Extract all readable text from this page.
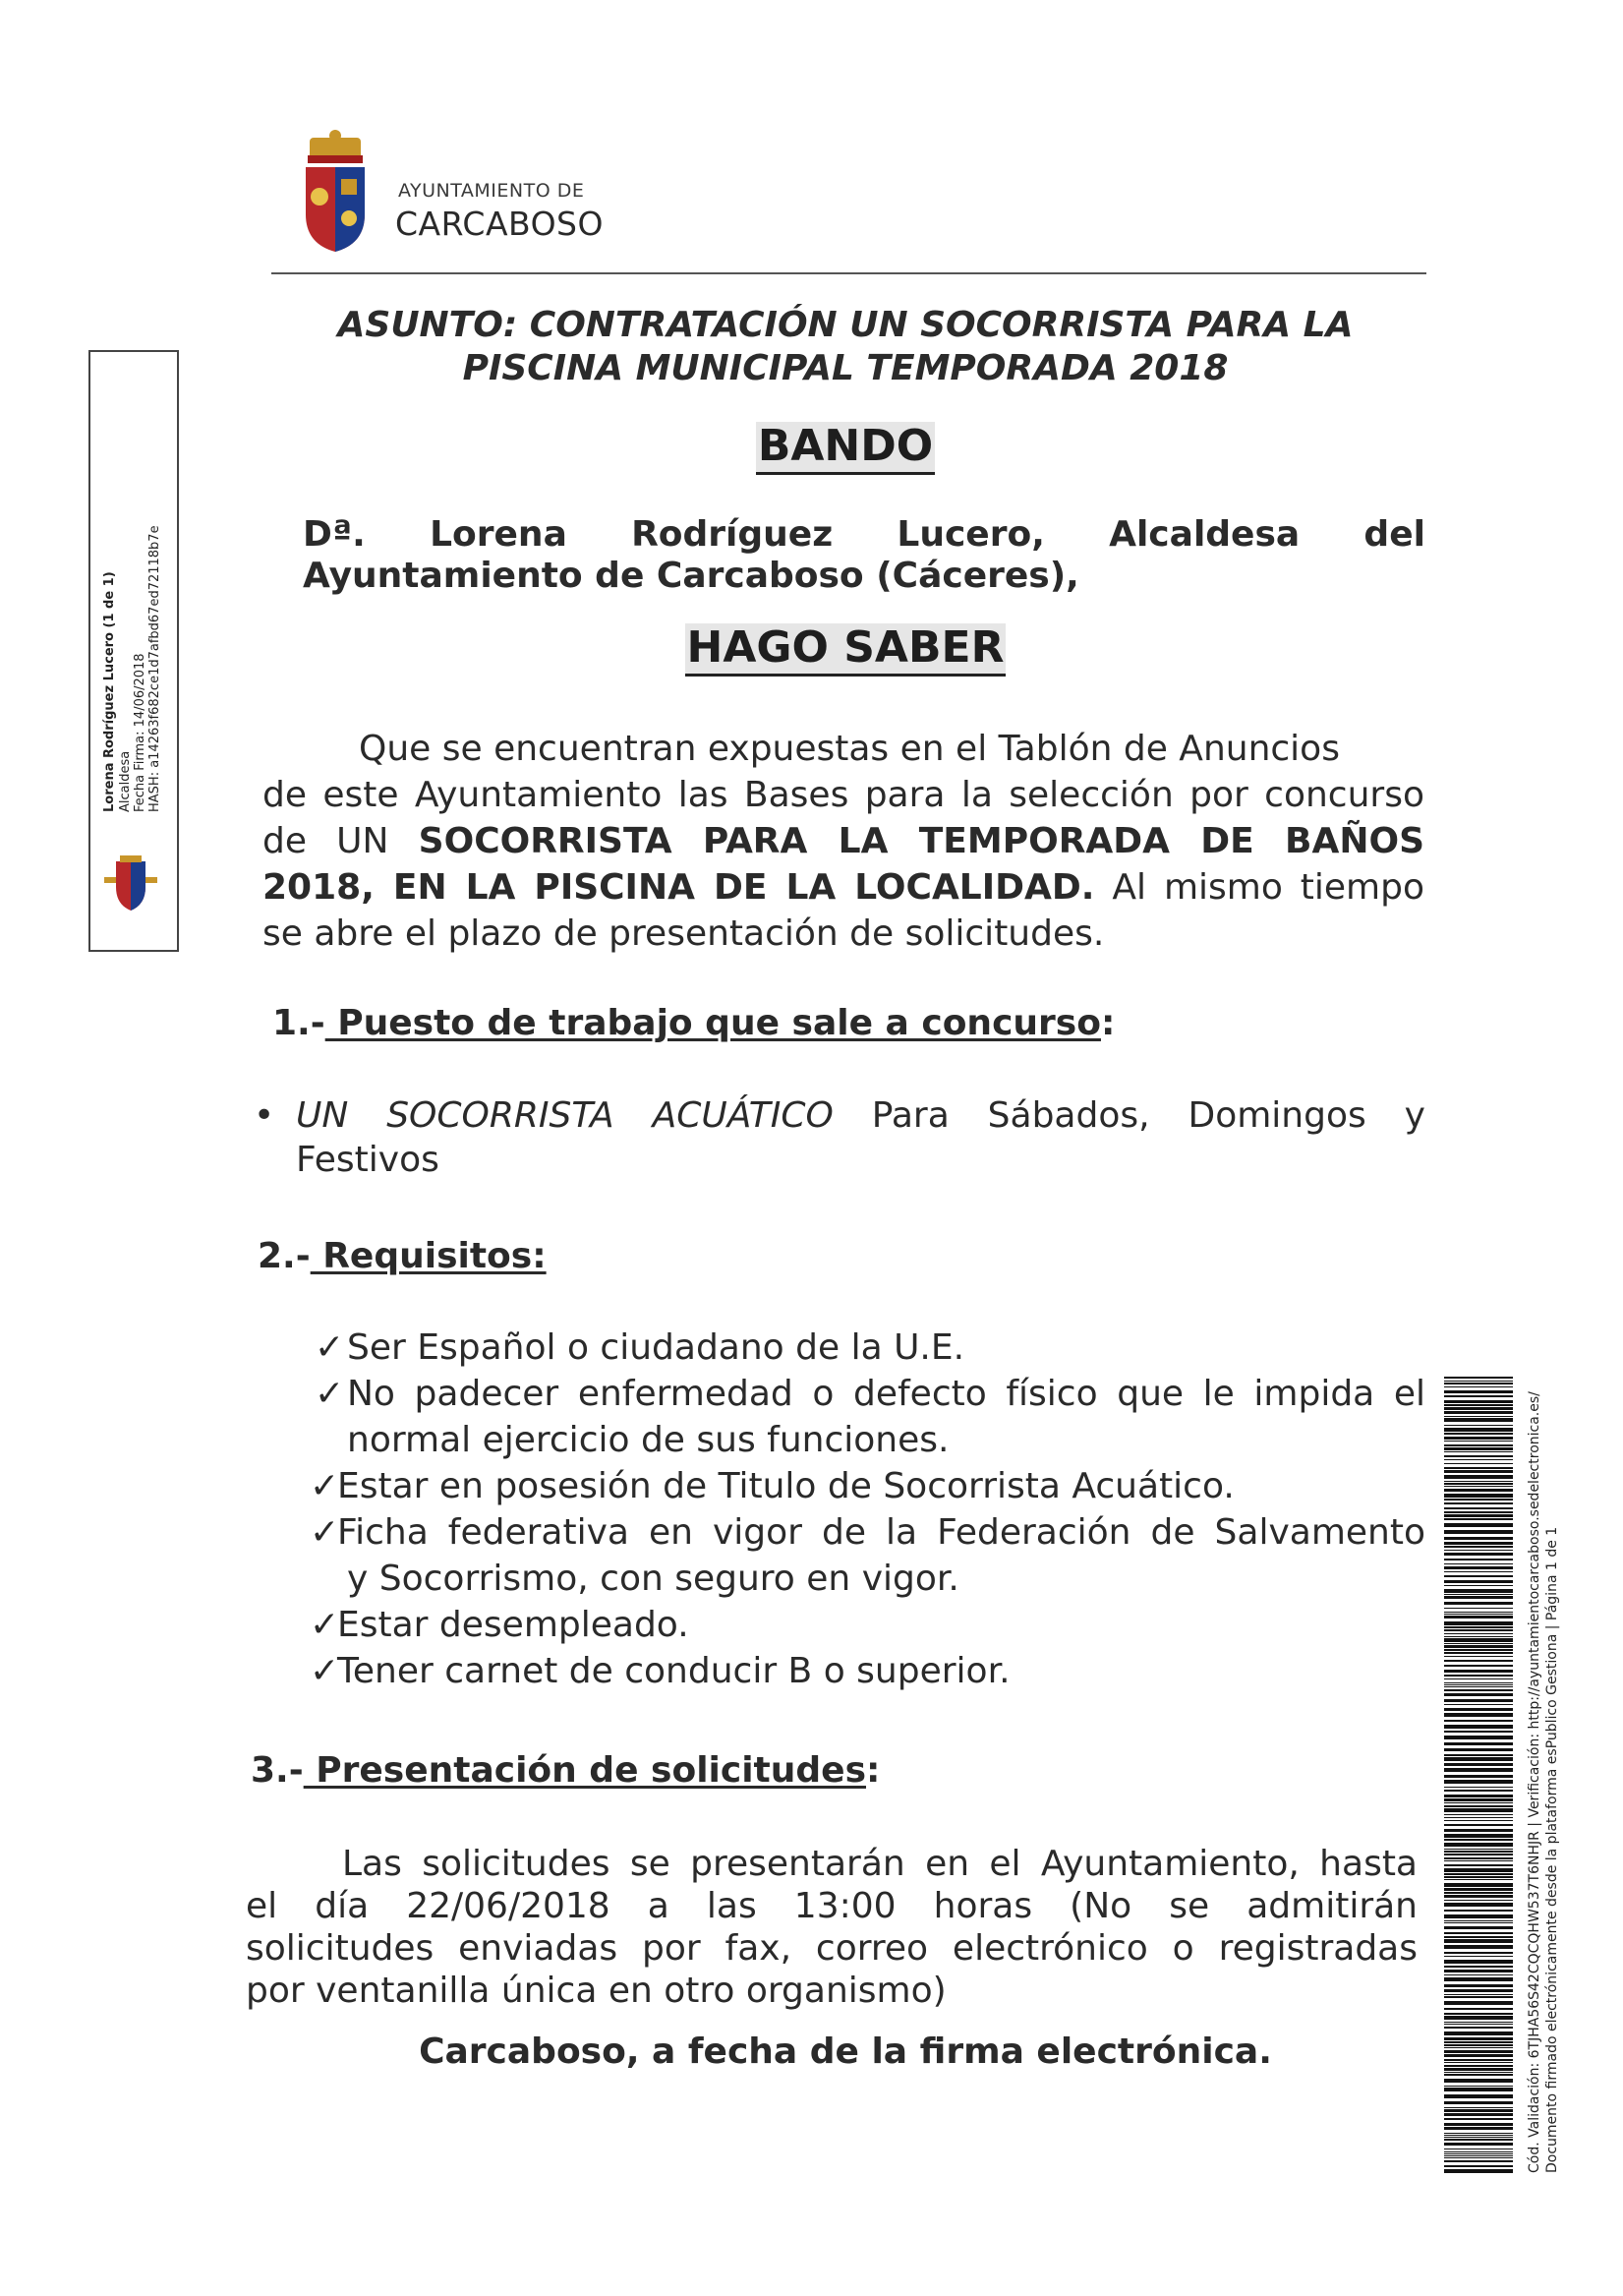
AYUNTAMIENTO DE
CARCABOSO
ASUNTO: CONTRATACIÓN UN SOCORRISTA PARA LA
PISCINA MUNICIPAL TEMPORADA 2018
BANDO
Dª. Lorena Rodríguez Lucero, Alcaldesa del
Ayuntamiento de Carcaboso (Cáceres),
HAGO SABER
Que se encuentran expuestas en el Tablón de Anuncios
de este Ayuntamiento las Bases para la selección por concurso
de UN SOCORRISTA PARA LA TEMPORADA DE BAÑOS
2018, EN LA PISCINA DE LA LOCALIDAD. Al mismo tiempo
se abre el plazo de presentación de solicitudes.
1.- Puesto de trabajo que sale a concurso:
• UN SOCORRISTA ACUÁTICO Para Sábados, Domingos y
Festivos
2.- Requisitos:
✓ Ser Español o ciudadano de la U.E.
✓ No padecer enfermedad o defecto físico que le impida el
normal ejercicio de sus funciones.
✓
Estar en posesión de Titulo de Socorrista Acuático.
✓
Ficha federativa en vigor de la Federación de Salvamento
y Socorrismo, con seguro en vigor.
✓
Estar desempleado.
✓
Tener carnet de conducir B o superior.
3.- Presentación de solicitudes:
Las solicitudes se presentarán en el Ayuntamiento, hasta
el día 22/06/2018 a las 13:00 horas (No se admitirán
solicitudes enviadas por fax, correo electrónico o registradas
por ventanilla única en otro organismo)
Carcaboso, a fecha de la firma electrónica.
Lorena Rodríguez Lucero (1 de 1) Alcaldesa Fecha Firma: 14/06/2018 HASH: a14263f682ce1d7afbd67ed72118b7e
Cód. Validación: 6TJHA56S42CQCQHW537T6NHJR | Verificación: http://ayuntamientocarcaboso.sedelectronica.es/ Documento firmado electrónicamente desde la plataforma esPublico Gestiona | Página 1 de 1
